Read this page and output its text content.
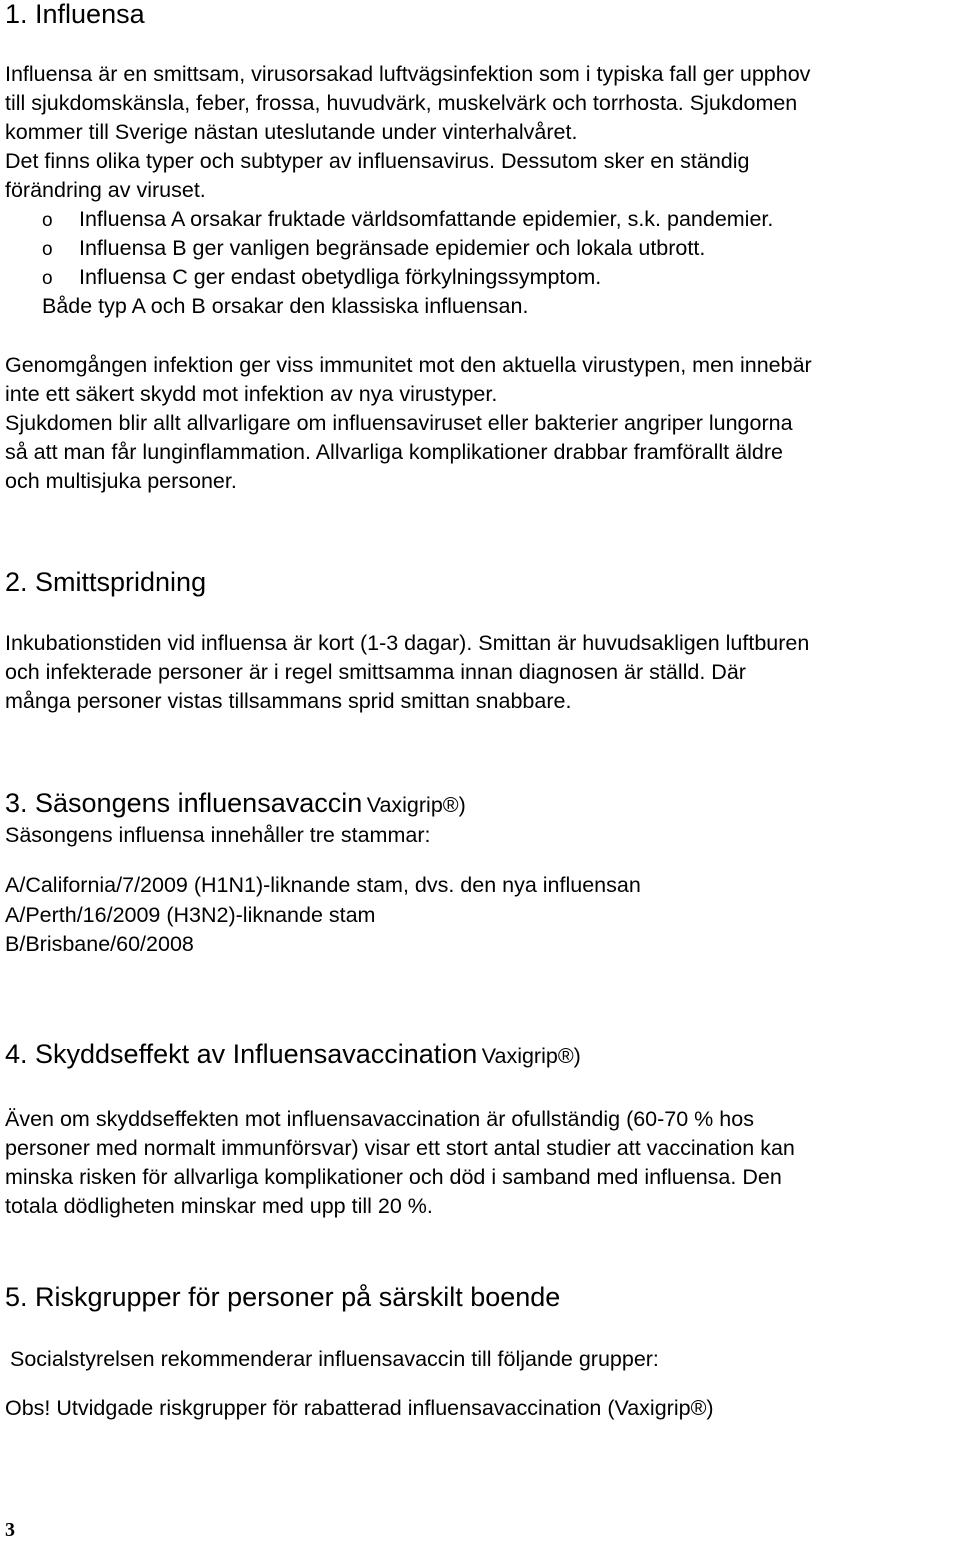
1. Influensa
Influensa är en smittsam, virusorsakad luftvägsinfektion som i typiska fall ger upphov
till sjukdomskänsla, feber, frossa, huvudvärk, muskelvärk och torrhosta. Sjukdomen
kommer till Sverige nästan uteslutande under vinterhalvåret.
Det finns olika typer och subtyper av influensavirus. Dessutom sker en ständig
förändring av viruset.
o Influensa A orsakar fruktade världsomfattande epidemier, s.k. pandemier.
o Influensa B ger vanligen begränsade epidemier och lokala utbrott.
o Influensa C ger endast obetydliga förkylningssymptom.
Både typ A och B orsakar den klassiska influensan.
Genomgången infektion ger viss immunitet mot den aktuella virustypen, men innebär
inte ett säkert skydd mot infektion av nya virustyper.
Sjukdomen blir allt allvarligare om influensaviruset eller bakterier angriper lungorna
så att man får lunginflammation. Allvarliga komplikationer drabbar framförallt äldre
och multisjuka personer.
2. Smittspridning
Inkubationstiden vid influensa är kort (1-3 dagar). Smittan är huvudsakligen luftburen
och infekterade personer är i regel smittsamma innan diagnosen är ställd. Där
många personer vistas tillsammans sprid smittan snabbare.
3. Säsongens influensavaccin Vaxigrip®)
Säsongens influensa innehåller tre stammar:
A/California/7/2009 (H1N1)-liknande stam, dvs. den nya influensan
A/Perth/16/2009 (H3N2)-liknande stam
B/Brisbane/60/2008
4. Skyddseffekt av Influensavaccination Vaxigrip®)
Även om skyddseffekten mot influensavaccination är ofullständig (60-70 % hos
personer med normalt immunförsvar) visar ett stort antal studier att vaccination kan
minska risken för allvarliga komplikationer och död i samband med influensa. Den
totala dödligheten minskar med upp till 20 %.
5. Riskgrupper för personer på särskilt boende
Socialstyrelsen rekommenderar influensavaccin till följande grupper:
Obs! Utvidgade riskgrupper för rabatterad influensavaccination (Vaxigrip®)
3
